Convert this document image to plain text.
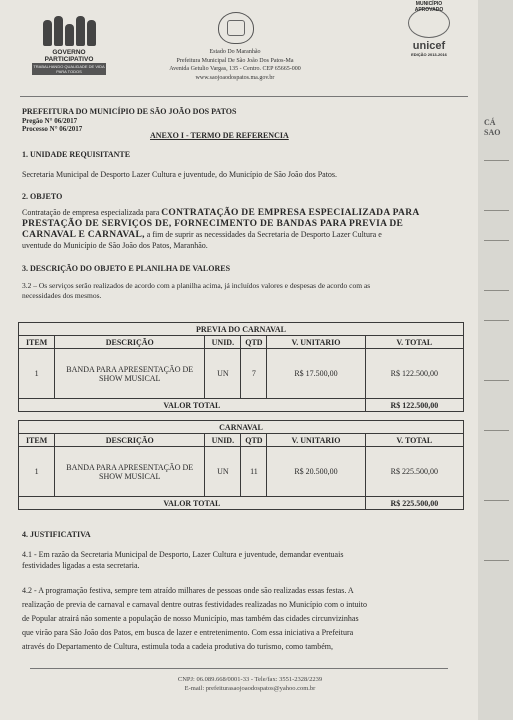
GOVERNO PARTICIPATIVO
TRABALHANDO QUALIDADE DE VIDA PARA TODOS
Estado Do Maranhão
Prefeitura Municipal De São João Dos Patos-Ma
Avenida Getulio Vargas, 135 - Centro. CEP 65665-000
www.saojoaodospatos.ma.gov.br
MUNICÍPIO APROVADO
unicef
EDIÇÃO 2013-2016
PREFEITURA DO MUNICÍPIO DE SÃO JOÃO DOS PATOS
Pregão N° 06/2017
Processo N° 06/2017
ANEXO I - TERMO DE REFERENCIA
1. UNIDADE REQUISITANTE
Secretaria Municipal de Desporto Lazer Cultura e juventude, do Município de São João dos Patos.
2. OBJETO
Contratação de empresa especializada para CONTRATAÇÃO DE EMPRESA ESPECIALIZADA PARA
PRESTAÇÃO DE SERVIÇOS DE, FORNECIMENTO DE BANDAS PARA PREVIA DE
CARNAVAL E CARNAVAL, a fim de suprir as necessidades da Secretaria de Desporto Lazer Cultura e
uventude do Município de São João dos Patos, Maranhão.
3. DESCRIÇÃO DO OBJETO E PLANILHA DE VALORES
3.2 – Os serviços serão realizados de acordo com a planilha acima, já incluídos valores e despesas de acordo com as
necessidades dos mesmos.
PREVIA DO CARNAVAL					
ITEM	DESCRIÇÃO	UNID.	QTD	V. UNITARIO	V. TOTAL
1	BANDA PARA APRESENTAÇÃO DE SHOW MUSICAL	UN	7	R$ 17.500,00	R$ 122.500,00
VALOR TOTAL					R$ 122.500,00
CARNAVAL					
ITEM	DESCRIÇÃO	UNID.	QTD	V. UNITARIO	V. TOTAL
1	BANDA PARA APRESENTAÇÃO DE SHOW MUSICAL	UN	11	R$ 20.500,00	R$ 225.500,00
VALOR TOTAL					R$ 225.500,00
4. JUSTIFICATIVA
4.1 - Em razão da Secretaria Municipal de Desporto, Lazer Cultura e juventude, demandar eventuais
festividades ligadas a esta secretaria.
4.2 - A programação festiva, sempre tem atraído milhares de pessoas onde são realizadas essas festas. A
realização de previa de carnaval e carnaval dentre outras festividades realizadas no Município com o intuito
de Popular atrairá não somente a população de nosso Município, mas também das cidades circunvizinhas
que virão para São João dos Patos, em busca de lazer e entretenimento. Com essa iniciativa a Prefeitura
através do Departamento de Cultura, estimula toda a cadeia produtiva do turismo, como também,
CNPJ: 06.089.668/0001-33 - Tele/fax: 3551-2328/2239
E-mail: prefeiturasaojoaodospatos@yahoo.com.br
CÁ
SAO
